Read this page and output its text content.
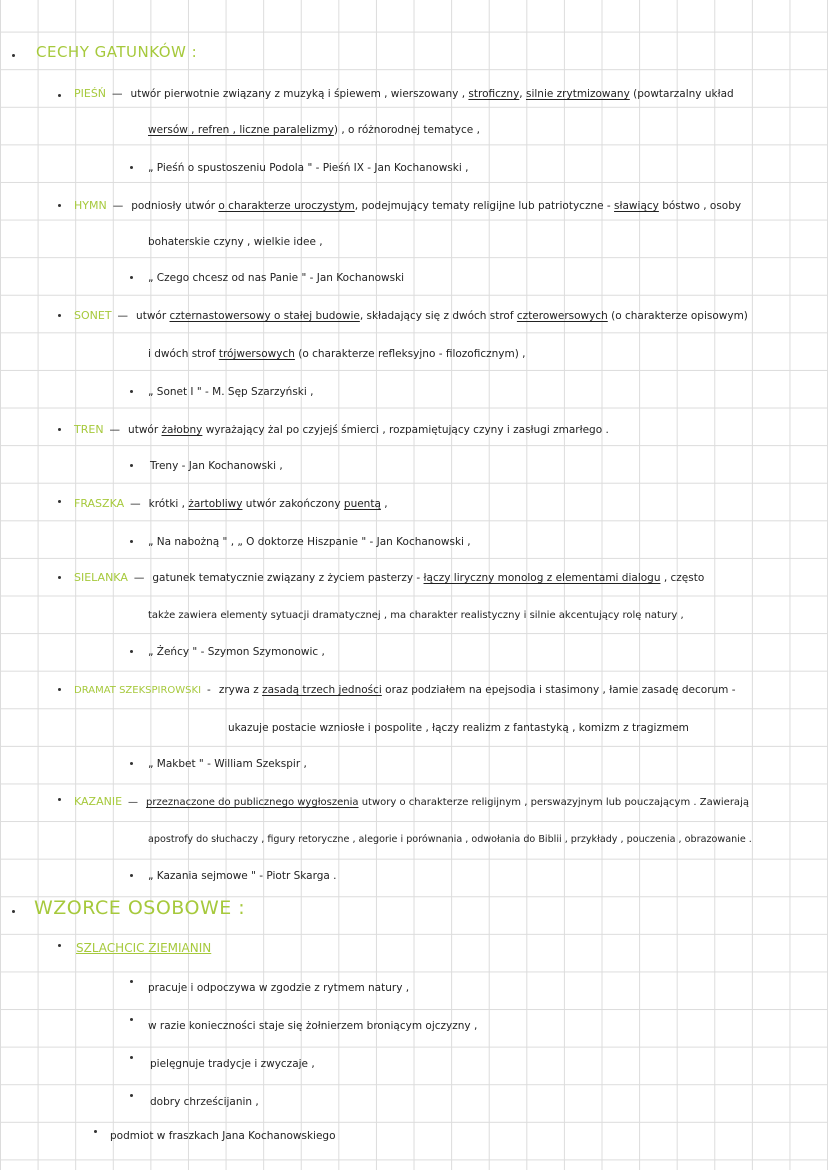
CECHY GATUNKÓW :
PIEŚŃ — utwór pierwotnie związany z muzyką i śpiewem , wierszowany , stroficzny, silnie zrytmizowany (powtarzalny układ
wersów , refren , liczne paralelizmy) , o różnorodnej tematyce ,
„ Pieśń o spustoszeniu Podola " - Pieśń IX - Jan Kochanowski ,
HYMN — podniosły utwór o charakterze uroczystym, podejmujący tematy religijne lub patriotyczne - sławiący bóstwo , osoby
bohaterskie czyny , wielkie idee ,
„ Czego chcesz od nas Panie " - Jan Kochanowski
SONET — utwór czternastowersowy o stałej budowie, składający się z dwóch strof czterowersowych (o charakterze opisowym)
i dwóch strof trójwersowych (o charakterze refleksyjno - filozoficznym) ,
„ Sonet I " - M. Sęp Szarzyński ,
TREN — utwór żałobny wyrażający żal po czyjejś śmierci , rozpamiętujący czyny i zasługi zmarłego .
Treny - Jan Kochanowski ,
FRASZKA — krótki , żartobliwy utwór zakończony puentą ,
„ Na nabożną " , „ O doktorze Hiszpanie " - Jan Kochanowski ,
SIELANKA — gatunek tematycznie związany z życiem pasterzy - łączy liryczny monolog z elementami dialogu , często
także zawiera elementy sytuacji dramatycznej , ma charakter realistyczny i silnie akcentujący rolę natury ,
„ Żeńcy " - Szymon Szymonowic ,
DRAMAT SZEKSPIROWSKI - zrywa z zasadą trzech jedności oraz podziałem na epejsodia i stasimony , łamie zasadę decorum -
ukazuje postacie wzniosłe i pospolite , łączy realizm z fantastyką , komizm z tragizmem
„ Makbet " - William Szekspir ,
KAZANIE — przeznaczone do publicznego wygłoszenia utwory o charakterze religijnym , perswazyjnym lub pouczającym . Zawierają
apostrofy do słuchaczy , figury retoryczne , alegorie i porównania , odwołania do Biblii , przykłady , pouczenia , obrazowanie .
„ Kazania sejmowe " - Piotr Skarga .
WZORCE OSOBOWE :
SZLACHCIC ZIEMIANIN
pracuje i odpoczywa w zgodzie z rytmem natury ,
w razie konieczności staje się żołnierzem broniącym ojczyzny ,
pielęgnuje tradycje i zwyczaje ,
dobry chrześcijanin ,
podmiot w fraszkach Jana Kochanowskiego
